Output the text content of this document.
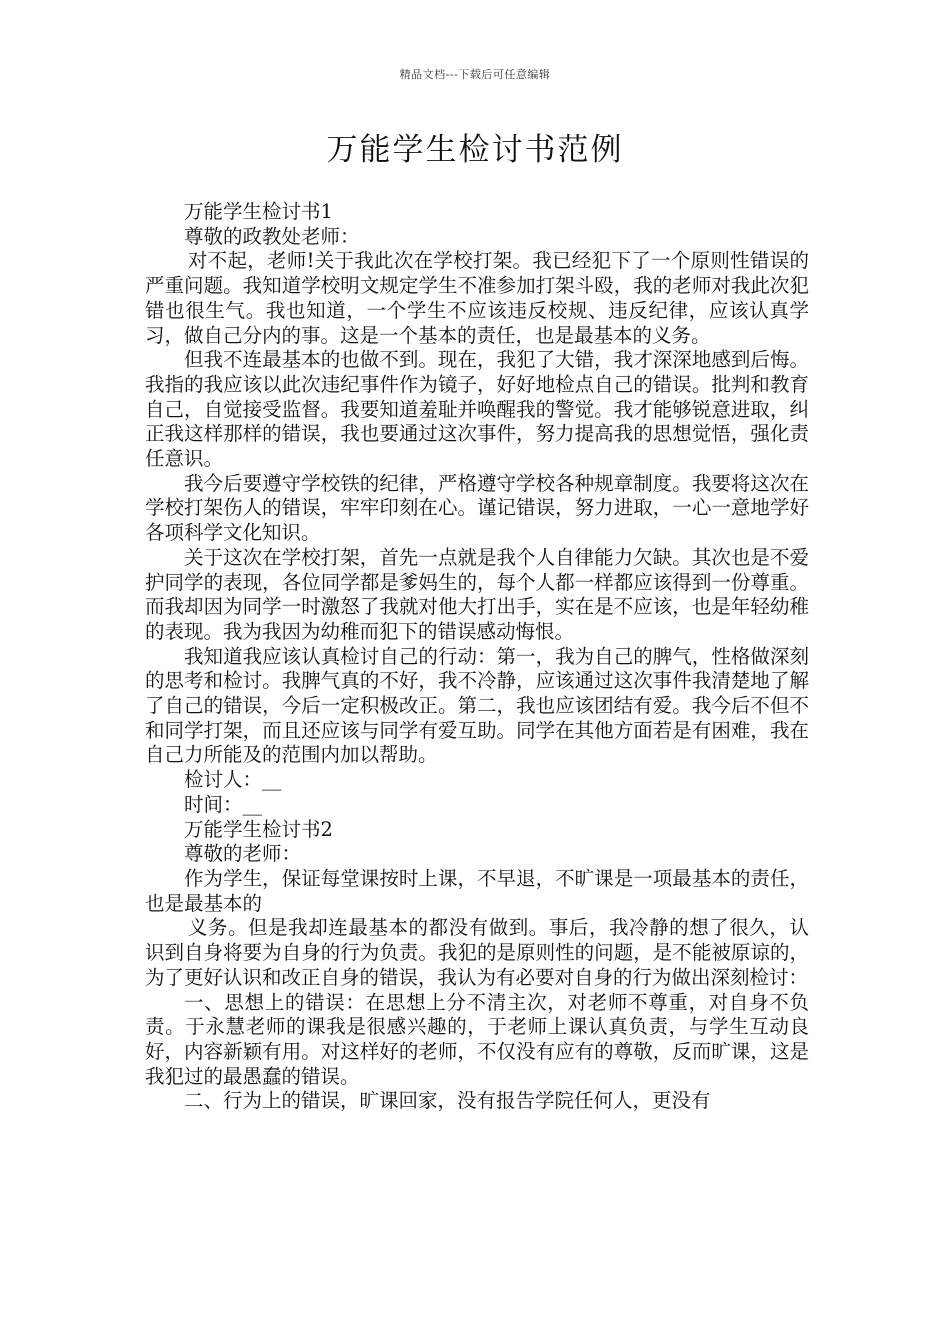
精品文档---下载后可任意编辑
万能学生检讨书范例

万能学生检讨书1

尊敬的政教处老师：

对不起，老师!关于我此次在学校打架。我已经犯下了一个原则性错误的严重问题。我知道学校明文规定学生不准参加打架斗殴，我的老师对我此次犯错也很生气。我也知道，一个学生不应该违反校规、违反纪律，应该认真学习，做自己分内的事。这是一个基本的责任，也是最基本的义务。

但我不连最基本的也做不到。现在，我犯了大错，我才深深地感到后悔。我指的我应该以此次违纪事件作为镜子，好好地检点自己的错误。批判和教育自己，自觉接受监督。我要知道羞耻并唤醒我的警觉。我才能够锐意进取，纠正我这样那样的错误，我也要通过这次事件，努力提高我的思想觉悟，强化责任意识。

我今后要遵守学校铁的纪律，严格遵守学校各种规章制度。我要将这次在学校打架伤人的错误，牢牢印刻在心。谨记错误，努力进取，一心一意地学好各项科学文化知识。

关于这次在学校打架，首先一点就是我个人自律能力欠缺。其次也是不爱护同学的表现，各位同学都是爹妈生的，每个人都一样都应该得到一份尊重。而我却因为同学一时激怒了我就对他大打出手，实在是不应该，也是年轻幼稚的表现。我为我因为幼稚而犯下的错误感动悔恨。

我知道我应该认真检讨自己的行动：第一，我为自己的脾气，性格做深刻的思考和检讨。我脾气真的不好，我不冷静，应该通过这次事件我清楚地了解了自己的错误，今后一定积极改正。第二，我也应该团结有爱。我今后不但不和同学打架，而且还应该与同学有爱互助。同学在其他方面若是有困难，我在自己力所能及的范围内加以帮助。

检讨人：__

时间：__

万能学生检讨书2

尊敬的老师：

作为学生，保证每堂课按时上课，不早退，不旷课是一项最基本的责任，也是最基本的

义务。但是我却连最基本的都没有做到。事后，我冷静的想了很久，认识到自身将要为自身的行为负责。我犯的是原则性的问题，是不能被原谅的，为了更好认识和改正自身的错误，我认为有必要对自身的行为做出深刻检讨：

一、思想上的错误：在思想上分不清主次，对老师不尊重，对自身不负责。于永慧老师的课我是很感兴趣的，于老师上课认真负责，与学生互动良好，内容新颖有用。对这样好的老师，不仅没有应有的尊敬，反而旷课，这是我犯过的最愚蠢的错误。

二、行为上的错误，旷课回家，没有报告学院任何人，更没有
